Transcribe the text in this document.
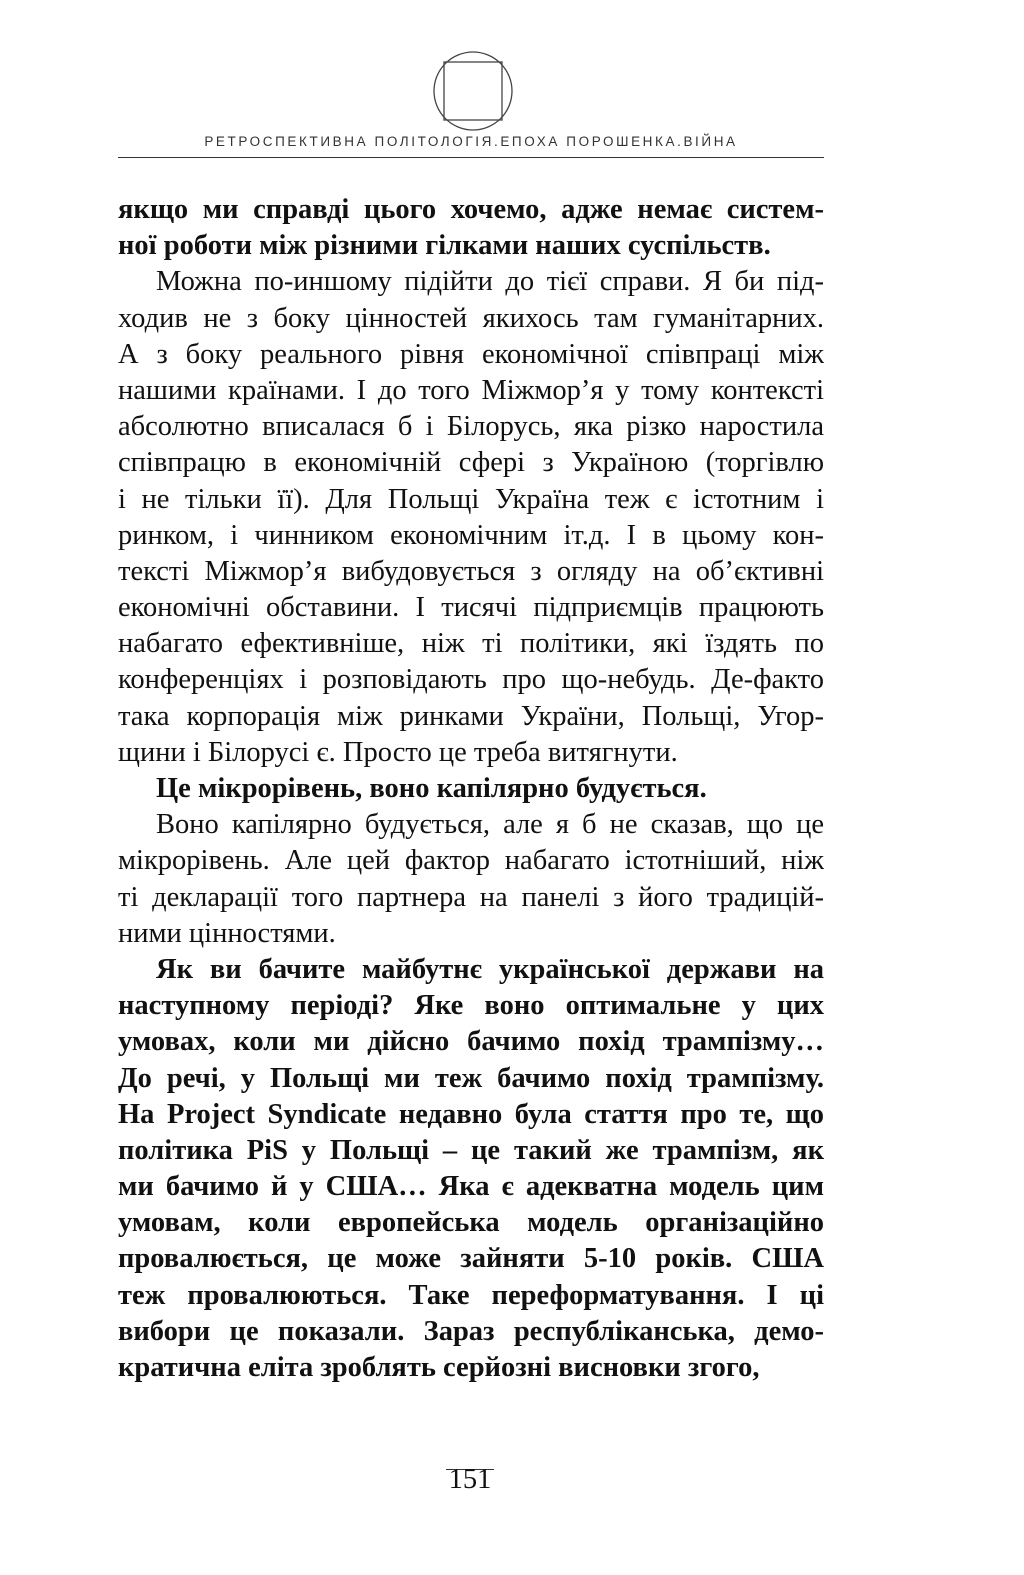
РЕТРОСПЕКТИВНА ПОЛІТОЛОГІЯ.ЕПОХА ПОРОШЕНКА.ВІЙНА
якщо ми справді цього хочемо, адже немає систем-
ної роботи між різними гілками наших суспільств.
Можна по-иншому підійти до тієї справи. Я би під-
ходив не з боку цінностей якихось там гуманітарних.
А з боку реального рівня економічної співпраці між
нашими країнами. І до того Міжмор’я у тому контексті
абсолютно вписалася б і Білорусь, яка різко наростила
співпрацю в економічній сфері з Україною (торгівлю
і не тільки її). Для Польщі Україна теж є істотним і
ринком, і чинником економічним іт.д. І в цьому кон-
тексті Міжмор’я вибудовується з огляду на об’єктивні
економічні обставини. І тисячі підприємців працюють
набагато ефективніше, ніж ті політики, які їздять по
конференціях і розповідають про що-небудь. Де-факто
така корпорація між ринками України, Польщі, Угор-
щини і Білорусі є. Просто це треба витягнути.
Це мікрорівень, воно капілярно будується.
Воно капілярно будується, але я б не сказав, що це
мікрорівень. Але цей фактор набагато істотніший, ніж
ті декларації того партнера на панелі з його традицій-
ними цінностями.
Як ви бачите майбутнє української держави на
наступному періоді? Яке воно оптимальне у цих
умовах, коли ми дійсно бачимо похід трампізму…
До речі, у Польщі ми теж бачимо похід трампізму.
На Project Syndicate недавно була стаття про те, що
політика PiS у Польщі – це такий же трампізм, як
ми бачимо й у США… Яка є адекватна модель цим
умовам, коли европейська модель організаційно
провалюється, це може зайняти 5-10 років. США
теж провалюються. Таке переформатування. І ці
вибори це показали. Зараз республіканська, демо-
кратична еліта зроблять серйозні висновки згого,
151
